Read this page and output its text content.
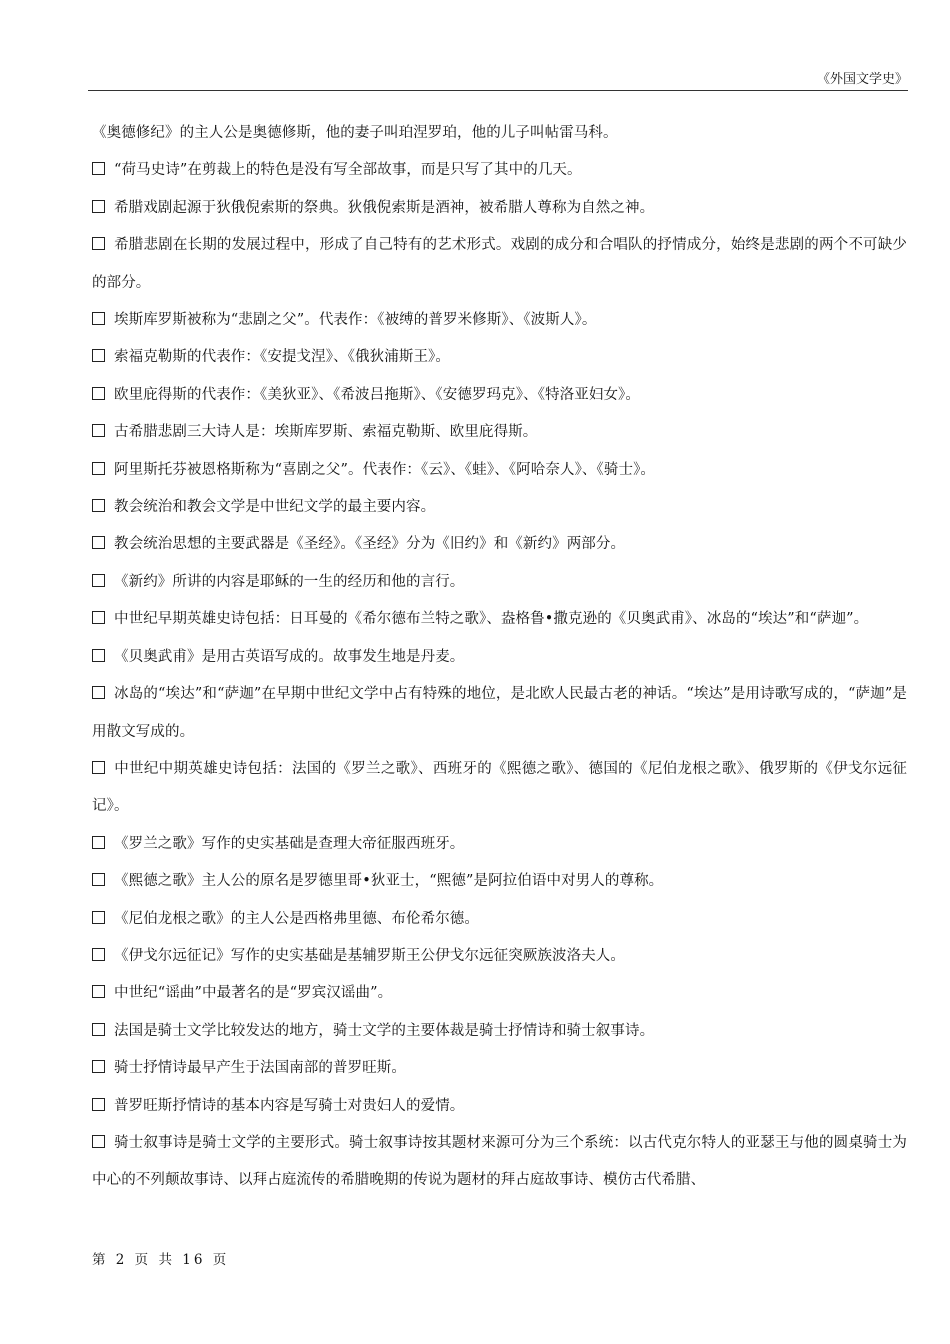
《外国文学史》

《奥德修纪》的主人公是奥德修斯，他的妻子叫珀涅罗珀，他的儿子叫帖雷马科。

“荷马史诗”在剪裁上的特色是没有写全部故事，而是只写了其中的几天。

希腊戏剧起源于狄俄倪索斯的祭典。狄俄倪索斯是酒神，被希腊人尊称为自然之神。

希腊悲剧在长期的发展过程中，形成了自己特有的艺术形式。戏剧的成分和合唱队的抒情成分，始终是悲剧的两个不可缺少的部分。

埃斯库罗斯被称为“悲剧之父”。代表作：《被缚的普罗米修斯》、《波斯人》。

索福克勒斯的代表作：《安提戈涅》、《俄狄浦斯王》。

欧里庇得斯的代表作：《美狄亚》、《希波吕拖斯》、《安德罗玛克》、《特洛亚妇女》。

古希腊悲剧三大诗人是：埃斯库罗斯、索福克勒斯、欧里庇得斯。

阿里斯托芬被恩格斯称为“喜剧之父”。代表作：《云》、《蛙》、《阿哈奈人》、《骑士》。

教会统治和教会文学是中世纪文学的最主要内容。

教会统治思想的主要武器是《圣经》。《圣经》分为《旧约》和《新约》两部分。

《新约》所讲的内容是耶稣的一生的经历和他的言行。

中世纪早期英雄史诗包括：日耳曼的《希尔德布兰特之歌》、盎格鲁•撒克逊的《贝奥武甫》、冰岛的“埃达”和“萨迦”。

《贝奥武甫》是用古英语写成的。故事发生地是丹麦。

冰岛的“埃达”和“萨迦”在早期中世纪文学中占有特殊的地位，是北欧人民最古老的神话。“埃达”是用诗歌写成的，“萨迦”是用散文写成的。

中世纪中期英雄史诗包括：法国的《罗兰之歌》、西班牙的《熙德之歌》、德国的《尼伯龙根之歌》、俄罗斯的《伊戈尔远征记》。

《罗兰之歌》写作的史实基础是查理大帝征服西班牙。

《熙德之歌》主人公的原名是罗德里哥•狄亚士，“熙德”是阿拉伯语中对男人的尊称。

《尼伯龙根之歌》的主人公是西格弗里德、布伦希尔德。

《伊戈尔远征记》写作的史实基础是基辅罗斯王公伊戈尔远征突厥族波洛夫人。

中世纪“谣曲”中最著名的是“罗宾汉谣曲”。

法国是骑士文学比较发达的地方，骑士文学的主要体裁是骑士抒情诗和骑士叙事诗。

骑士抒情诗最早产生于法国南部的普罗旺斯。

普罗旺斯抒情诗的基本内容是写骑士对贵妇人的爱情。

骑士叙事诗是骑士文学的主要形式。骑士叙事诗按其题材来源可分为三个系统：以古代克尔特人的亚瑟王与他的圆桌骑士为中心的不列颠故事诗、以拜占庭流传的希腊晚期的传说为题材的拜占庭故事诗、模仿古代希腊、

第 2 页 共 16 页
